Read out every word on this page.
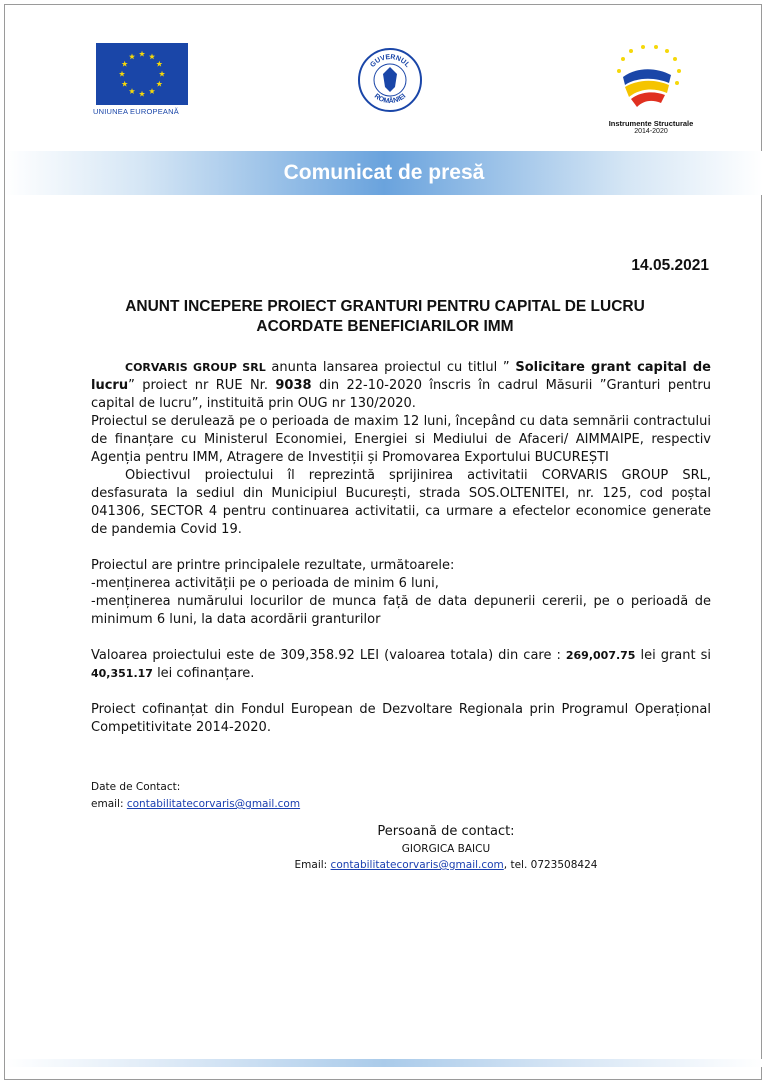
UNIUNEA EUROPEANĂ
GUVERNUL
ROMÂNIEI
Instrumente Structurale
2014-2020
Comunicat de presă
14.05.2021
ANUNT INCEPERE PROIECT GRANTURI PENTRU CAPITAL DE LUCRU
ACORDATE BENEFICIARILOR IMM

CORVARIS GROUP SRL anunta lansarea proiectul cu titlul ” Solicitare grant capital de lucru” proiect nr RUE Nr. 9038 din 22-10-2020 înscris în cadrul Măsurii ”Granturi pentru capital de lucru”, instituită prin OUG nr 130/2020.

Proiectul se derulează pe o perioada de maxim 12 luni, începând cu data semnării contractului de finanțare cu Ministerul Economiei, Energiei si Mediului de Afaceri/ AIMMAIPE, respectiv Agenția pentru IMM, Atragere de Investiții și Promovarea Exportului BUCUREȘTI

Obiectivul proiectului îl reprezintă sprijinirea activitatii CORVARIS GROUP SRL, desfasurata la sediul din Municipiul București, strada SOS.OLTENITEI, nr. 125, cod poștal 041306, SECTOR 4 pentru continuarea activitatii, ca urmare a efectelor economice generate de pandemia Covid 19.

Proiectul are printre principalele rezultate, următoarele:

-menținerea activității pe o perioada de minim 6 luni,

-menținerea numărului locurilor de munca față de data depunerii cererii, pe o perioadă de minimum 6 luni, la data acordării granturilor

Valoarea proiectului este de 309,358.92 LEI (valoarea totala) din care : 269,007.75 lei grant si 40,351.17 lei cofinanțare.

Proiect cofinanțat din Fondul European de Dezvoltare Regionala prin Programul Operațional Competitivitate 2014-2020.

Date de Contact:
email: contabilitatecorvaris@gmail.com
Persoană de contact:
GIORGICA BAICU
Email: contabilitatecorvaris@gmail.com, tel. 0723508424
